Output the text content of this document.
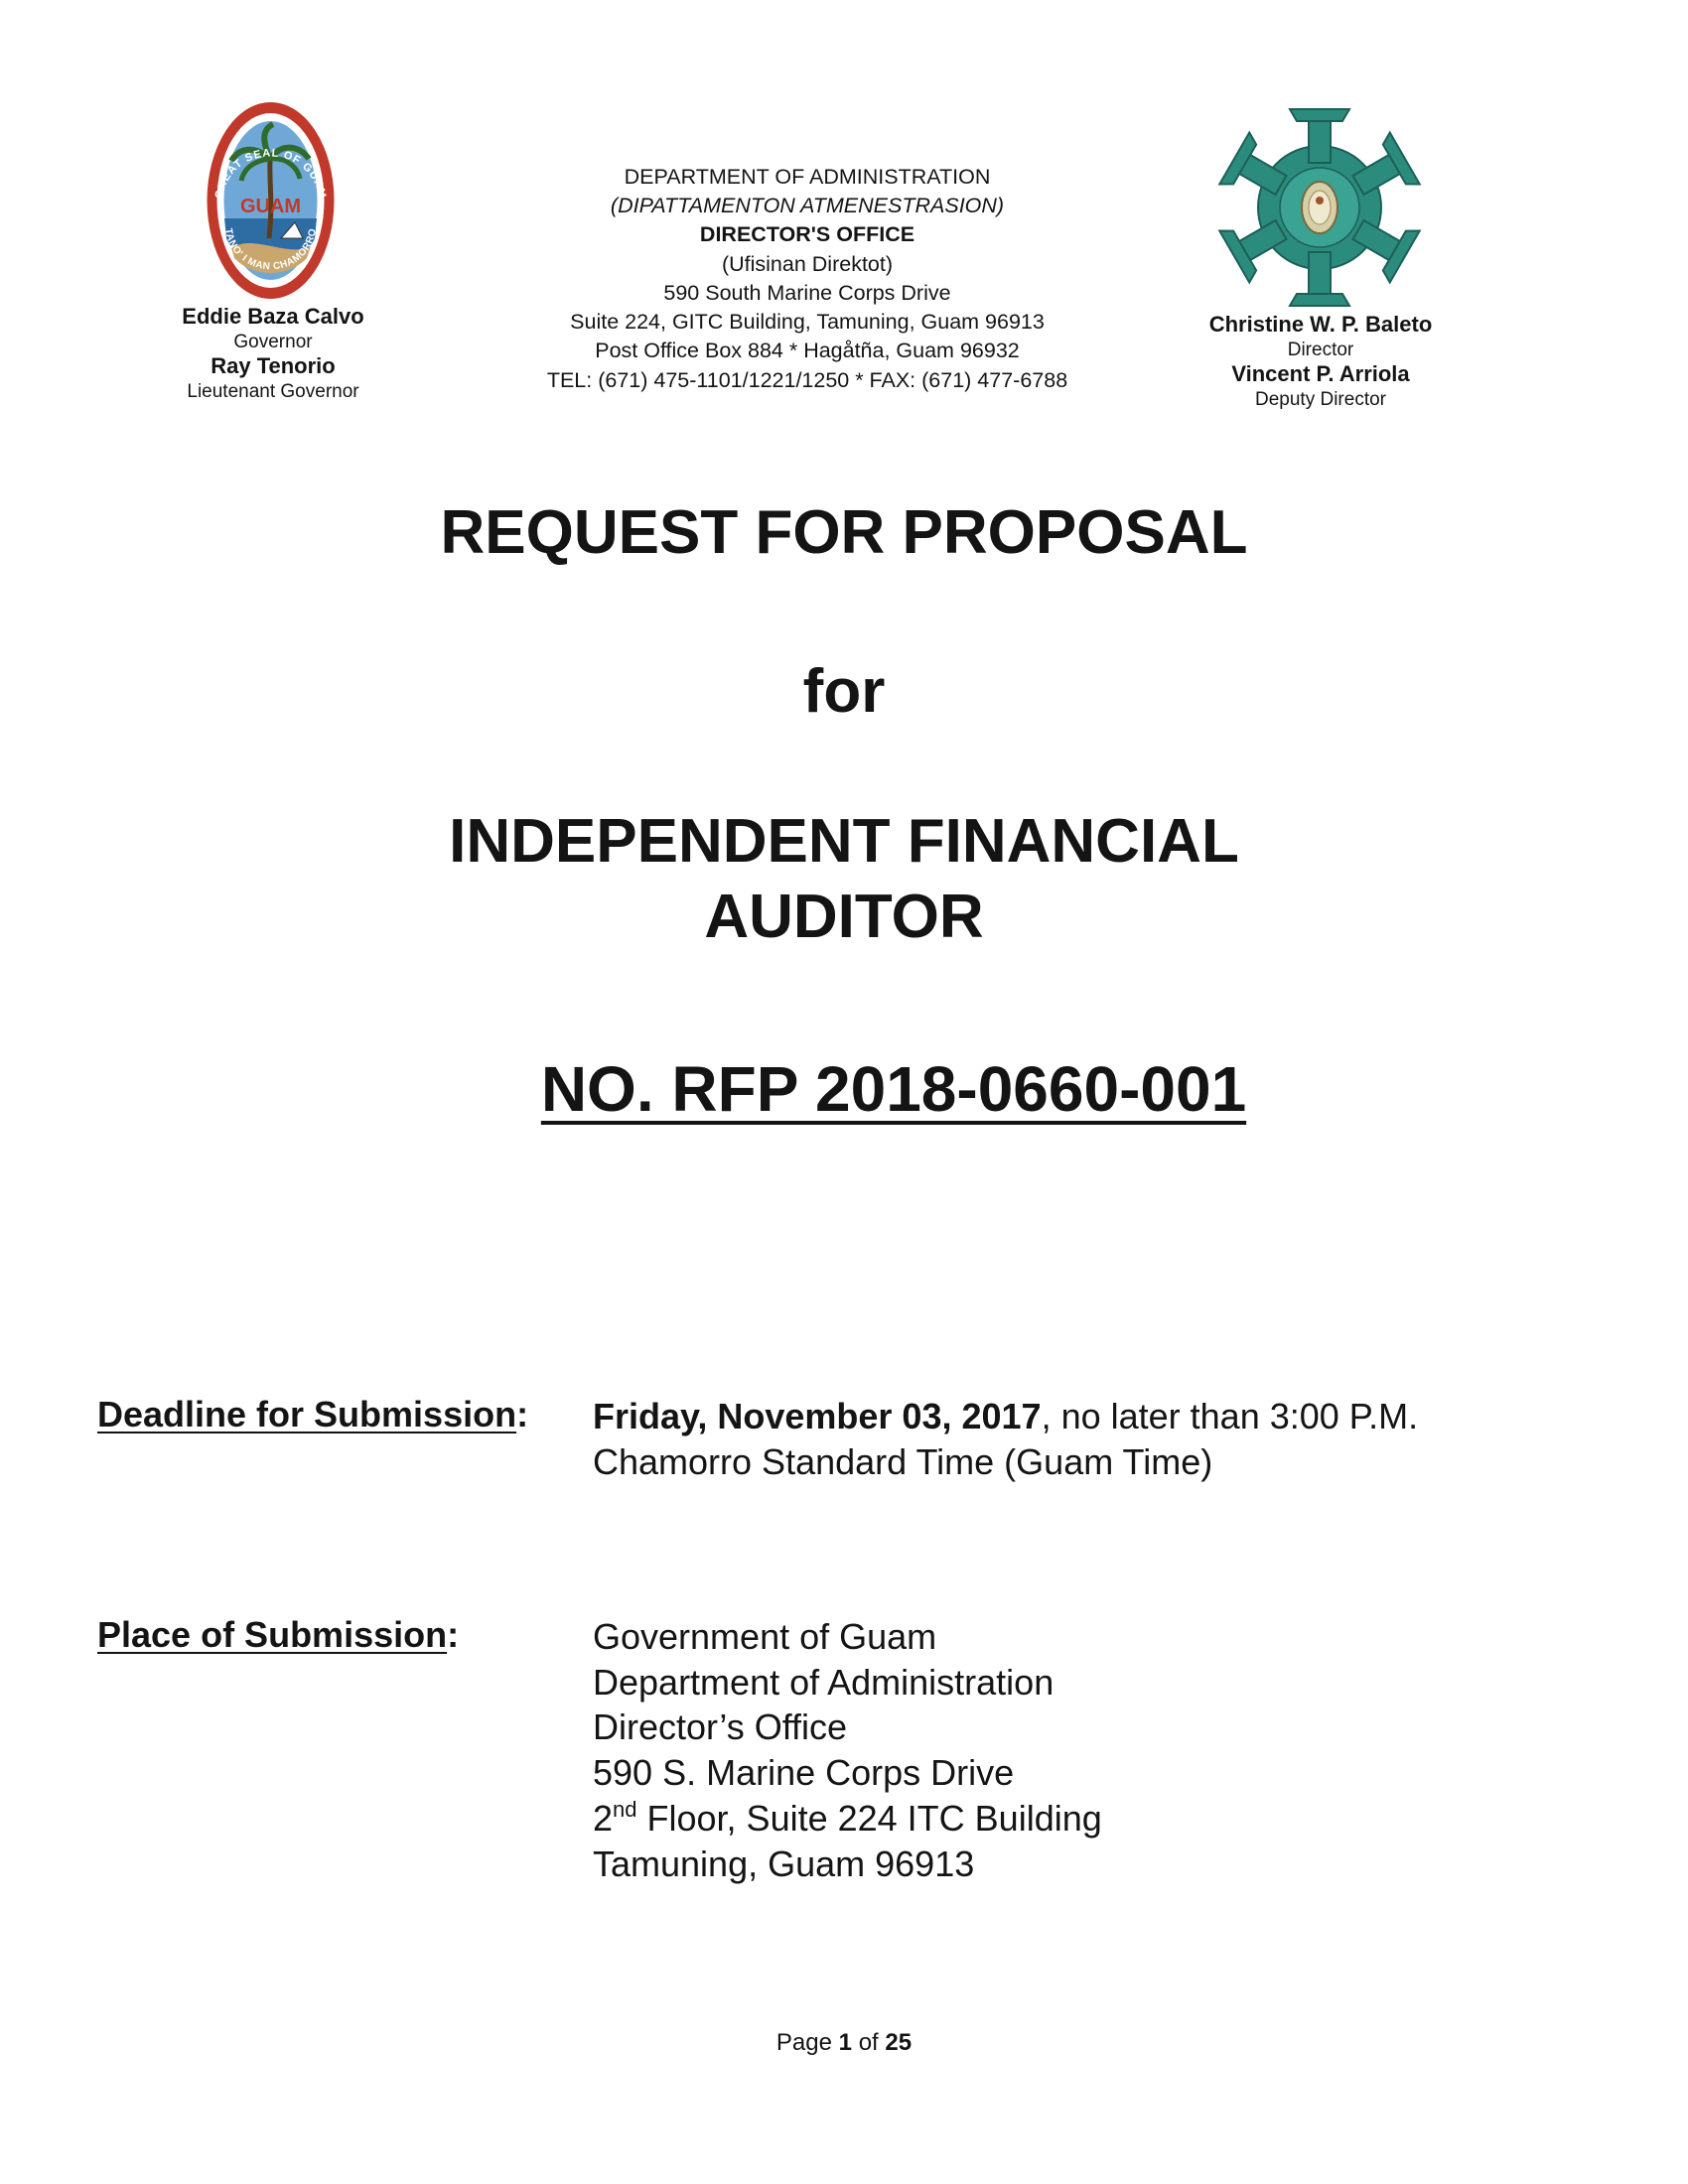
GUAM
GREAT SEAL OF GUAM
TANO' I MAN CHAMORRO
Eddie Baza Calvo
Governor
Ray Tenorio
Lieutenant Governor
DEPARTMENT OF ADMINISTRATION
(DIPATTAMENTON ATMENESTRASION)
DIRECTOR'S OFFICE
(Ufisinan Direktot)
590 South Marine Corps Drive
Suite 224, GITC Building, Tamuning, Guam 96913
Post Office Box 884 * Hagåtña, Guam 96932
TEL: (671) 475-1101/1221/1250 * FAX: (671) 477-6788
Christine W. P. Baleto
Director
Vincent P. Arriola
Deputy Director
REQUEST FOR PROPOSAL
for
INDEPENDENT FINANCIAL
AUDITOR
NO. RFP 2018-0660-001
Deadline for Submission: Friday, November 03, 2017, no later than 3:00 P.M.
Chamorro Standard Time (Guam Time)
Place of Submission:	Government of Guam
Department of Administration
Director’s Office
590 S. Marine Corps Drive
2nd Floor, Suite 224 ITC Building
Tamuning, Guam 96913
Page 1 of 25
